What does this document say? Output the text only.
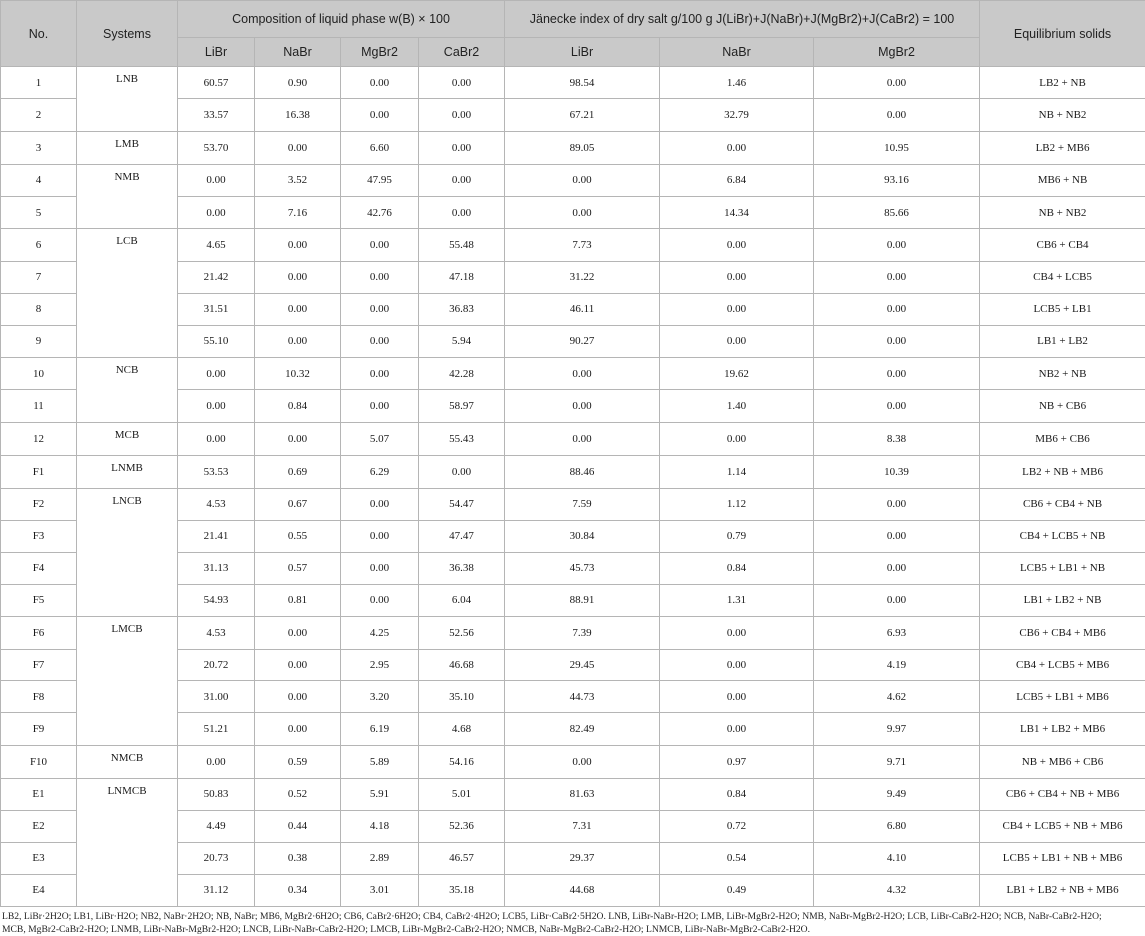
No.	Systems	Composition of liquid phase w(B) × 100				Jänecke index of dry salt g/100 g J(LiBr)+J(NaBr)+J(MgBr2)+J(CaBr2) = 100			Equilibrium solids
		LiBr	NaBr	MgBr2	CaBr2	LiBr	NaBr	MgBr2	
1	LNB	60.57	0.90	0.00	0.00	98.54	1.46	0.00	LB2 + NB
2		33.57	16.38	0.00	0.00	67.21	32.79	0.00	NB + NB2
3	LMB	53.70	0.00	6.60	0.00	89.05	0.00	10.95	LB2 + MB6
4	NMB	0.00	3.52	47.95	0.00	0.00	6.84	93.16	MB6 + NB
5		0.00	7.16	42.76	0.00	0.00	14.34	85.66	NB + NB2
6	LCB	4.65	0.00	0.00	55.48	7.73	0.00	0.00	CB6 + CB4
7		21.42	0.00	0.00	47.18	31.22	0.00	0.00	CB4 + LCB5
8		31.51	0.00	0.00	36.83	46.11	0.00	0.00	LCB5 + LB1
9		55.10	0.00	0.00	5.94	90.27	0.00	0.00	LB1 + LB2
10	NCB	0.00	10.32	0.00	42.28	0.00	19.62	0.00	NB2 + NB
11		0.00	0.84	0.00	58.97	0.00	1.40	0.00	NB + CB6
12	MCB	0.00	0.00	5.07	55.43	0.00	0.00	8.38	MB6 + CB6
F1	LNMB	53.53	0.69	6.29	0.00	88.46	1.14	10.39	LB2 + NB + MB6
F2	LNCB	4.53	0.67	0.00	54.47	7.59	1.12	0.00	CB6 + CB4 + NB
F3		21.41	0.55	0.00	47.47	30.84	0.79	0.00	CB4 + LCB5 + NB
F4		31.13	0.57	0.00	36.38	45.73	0.84	0.00	LCB5 + LB1 + NB
F5		54.93	0.81	0.00	6.04	88.91	1.31	0.00	LB1 + LB2 + NB
F6	LMCB	4.53	0.00	4.25	52.56	7.39	0.00	6.93	CB6 + CB4 + MB6
F7		20.72	0.00	2.95	46.68	29.45	0.00	4.19	CB4 + LCB5 + MB6
F8		31.00	0.00	3.20	35.10	44.73	0.00	4.62	LCB5 + LB1 + MB6
F9		51.21	0.00	6.19	4.68	82.49	0.00	9.97	LB1 + LB2 + MB6
F10	NMCB	0.00	0.59	5.89	54.16	0.00	0.97	9.71	NB + MB6 + CB6
E1	LNMCB	50.83	0.52	5.91	5.01	81.63	0.84	9.49	CB6 + CB4 + NB + MB6
E2		4.49	0.44	4.18	52.36	7.31	0.72	6.80	CB4 + LCB5 + NB + MB6
E3		20.73	0.38	2.89	46.57	29.37	0.54	4.10	LCB5 + LB1 + NB + MB6
E4		31.12	0.34	3.01	35.18	44.68	0.49	4.32	LB1 + LB2 + NB + MB6
LB2, LiBr·2H2O; LB1, LiBr·H2O; NB2, NaBr·2H2O; NB, NaBr; MB6, MgBr2·6H2O; CB6, CaBr2·6H2O; CB4, CaBr2·4H2O; LCB5, LiBr·CaBr2·5H2O. LNB, LiBr-NaBr-H2O; LMB, LiBr-MgBr2-H2O; NMB, NaBr-MgBr2-H2O; LCB, LiBr-CaBr2-H2O; NCB, NaBr-CaBr2-H2O;
MCB, MgBr2-CaBr2-H2O; LNMB, LiBr-NaBr-MgBr2-H2O; LNCB, LiBr-NaBr-CaBr2-H2O; LMCB, LiBr-MgBr2-CaBr2-H2O; NMCB, NaBr-MgBr2-CaBr2-H2O; LNMCB, LiBr-NaBr-MgBr2-CaBr2-H2O.
